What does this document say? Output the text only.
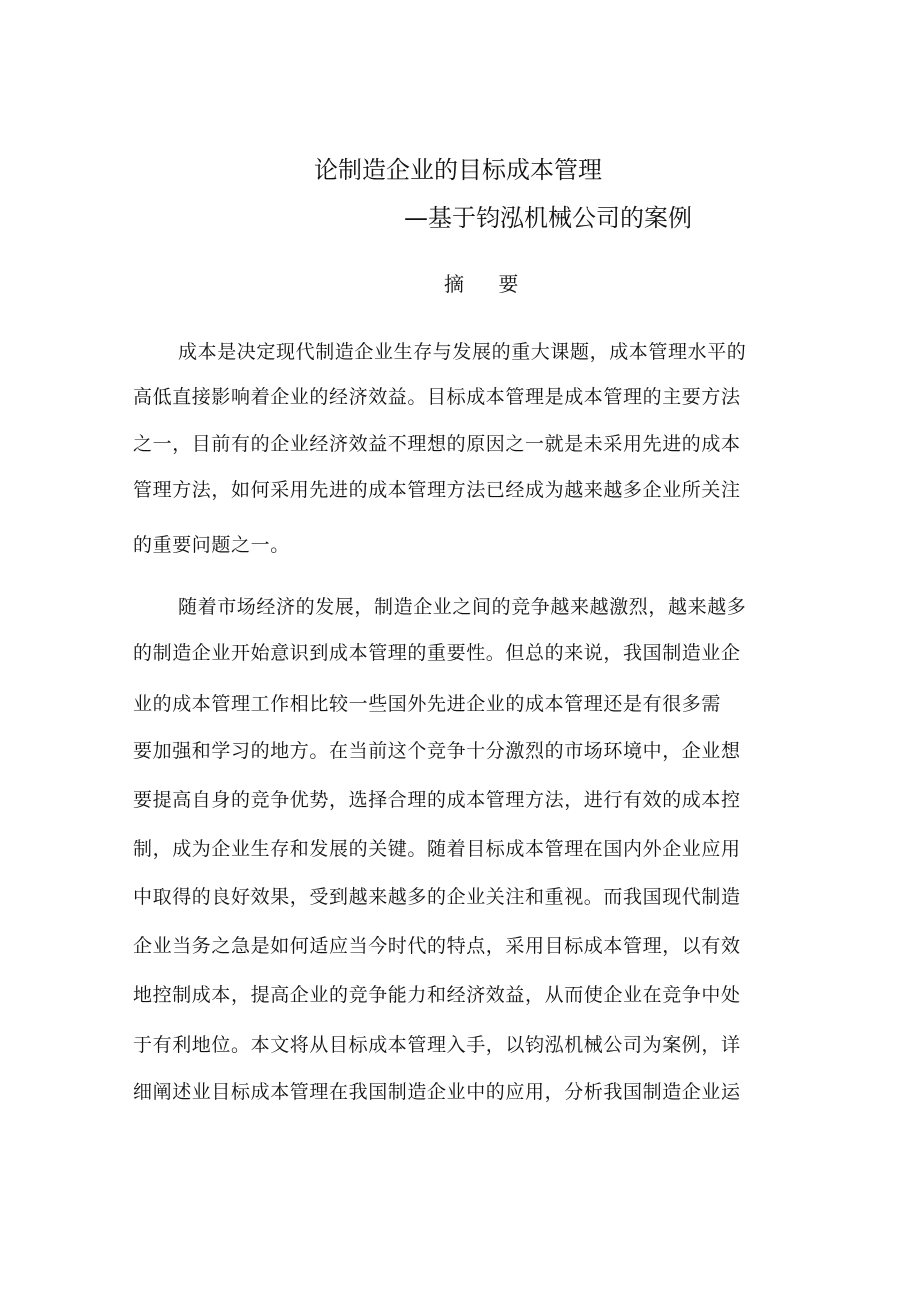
论制造企业的目标成本管理
—基于钧泓机械公司的案例
摘 要
成本是决定现代制造企业生存与发展的重大课题，成本管理水平的
高低直接影响着企业的经济效益。目标成本管理是成本管理的主要方法
之一，目前有的企业经济效益不理想的原因之一就是未采用先进的成本
管理方法，如何采用先进的成本管理方法已经成为越来越多企业所关注
的重要问题之一。
随着市场经济的发展，制造企业之间的竞争越来越激烈，越来越多
的制造企业开始意识到成本管理的重要性。但总的来说，我国制造业企
业的成本管理工作相比较一些国外先进企业的成本管理还是有很多需
要加强和学习的地方。在当前这个竞争十分激烈的市场环境中，企业想
要提高自身的竞争优势，选择合理的成本管理方法，进行有效的成本控
制，成为企业生存和发展的关键。随着目标成本管理在国内外企业应用
中取得的良好效果，受到越来越多的企业关注和重视。而我国现代制造
企业当务之急是如何适应当今时代的特点，采用目标成本管理，以有效
地控制成本，提高企业的竞争能力和经济效益，从而使企业在竞争中处
于有利地位。本文将从目标成本管理入手，以钧泓机械公司为案例，详
细阐述业目标成本管理在我国制造企业中的应用，分析我国制造企业运
